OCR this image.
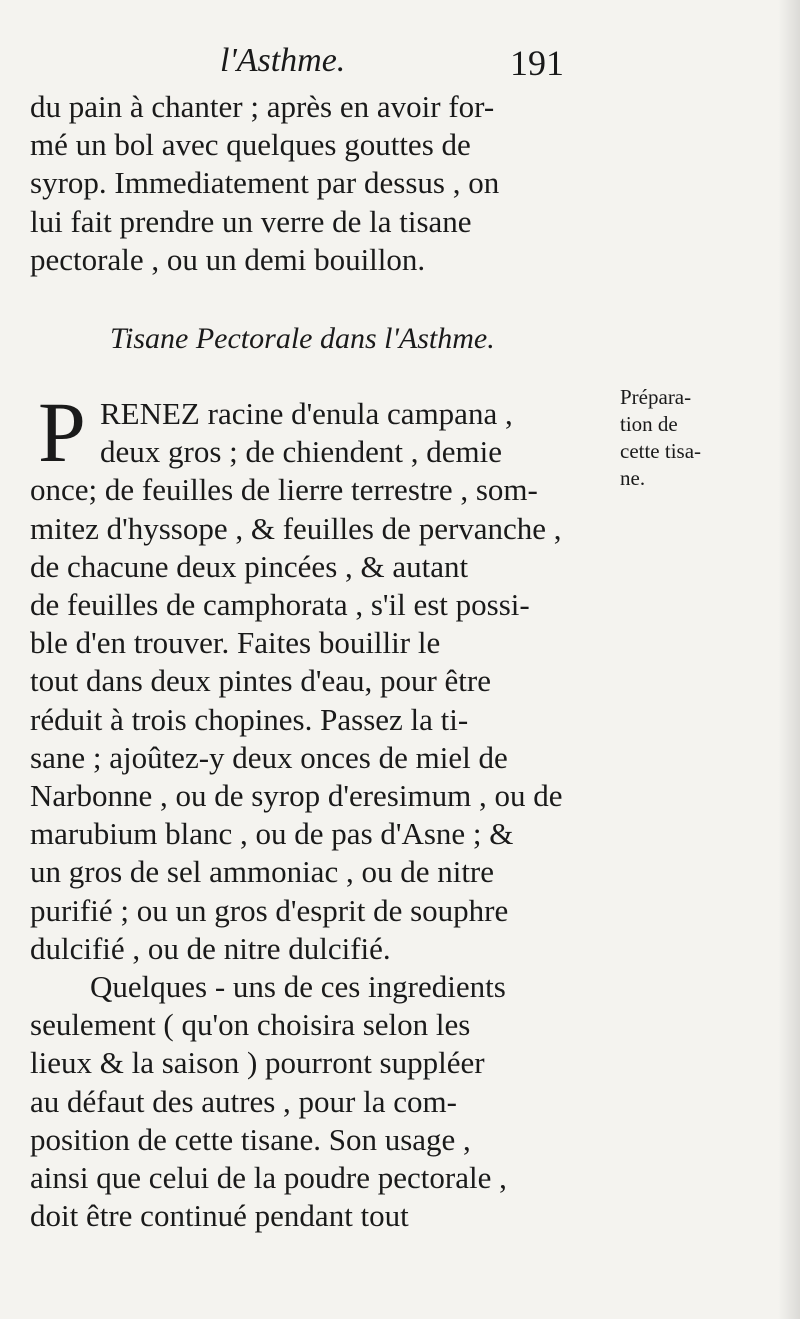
l'Asthme.	191
du pain à chanter ; après en avoir for-
mé un bol avec quelques gouttes de
syrop. Immediatement par dessus , on
lui fait prendre un verre de la tisane
pectorale , ou un demi bouillon.
Tisane Pectorale dans l'Asthme.
P RENEZ racine d'enula campana ,
deux gros ; de chiendent , demie
once; de feuilles de lierre terrestre , som-
mitez d'hyssope , & feuilles de pervanche ,
de chacune deux pincées , & autant
de feuilles de camphorata , s'il est possi-
ble d'en trouver. Faites bouillir le
tout dans deux pintes d'eau, pour être
réduit à trois chopines. Passez la ti-
sane ; ajoûtez-y deux onces de miel de
Narbonne , ou de syrop d'eresimum , ou de
marubium blanc , ou de pas d'Asne ; &
un gros de sel ammoniac , ou de nitre
purifié ; ou un gros d'esprit de souphre
dulcifié , ou de nitre dulcifié.
Quelques - uns de ces ingredients
seulement ( qu'on choisira selon les
lieux & la saison ) pourront suppléer
au défaut des autres , pour la com-
position de cette tisane. Son usage ,
ainsi que celui de la poudre pectorale ,
doit être continué pendant tout
Prépara-
tion de
cette tisa-
ne.
